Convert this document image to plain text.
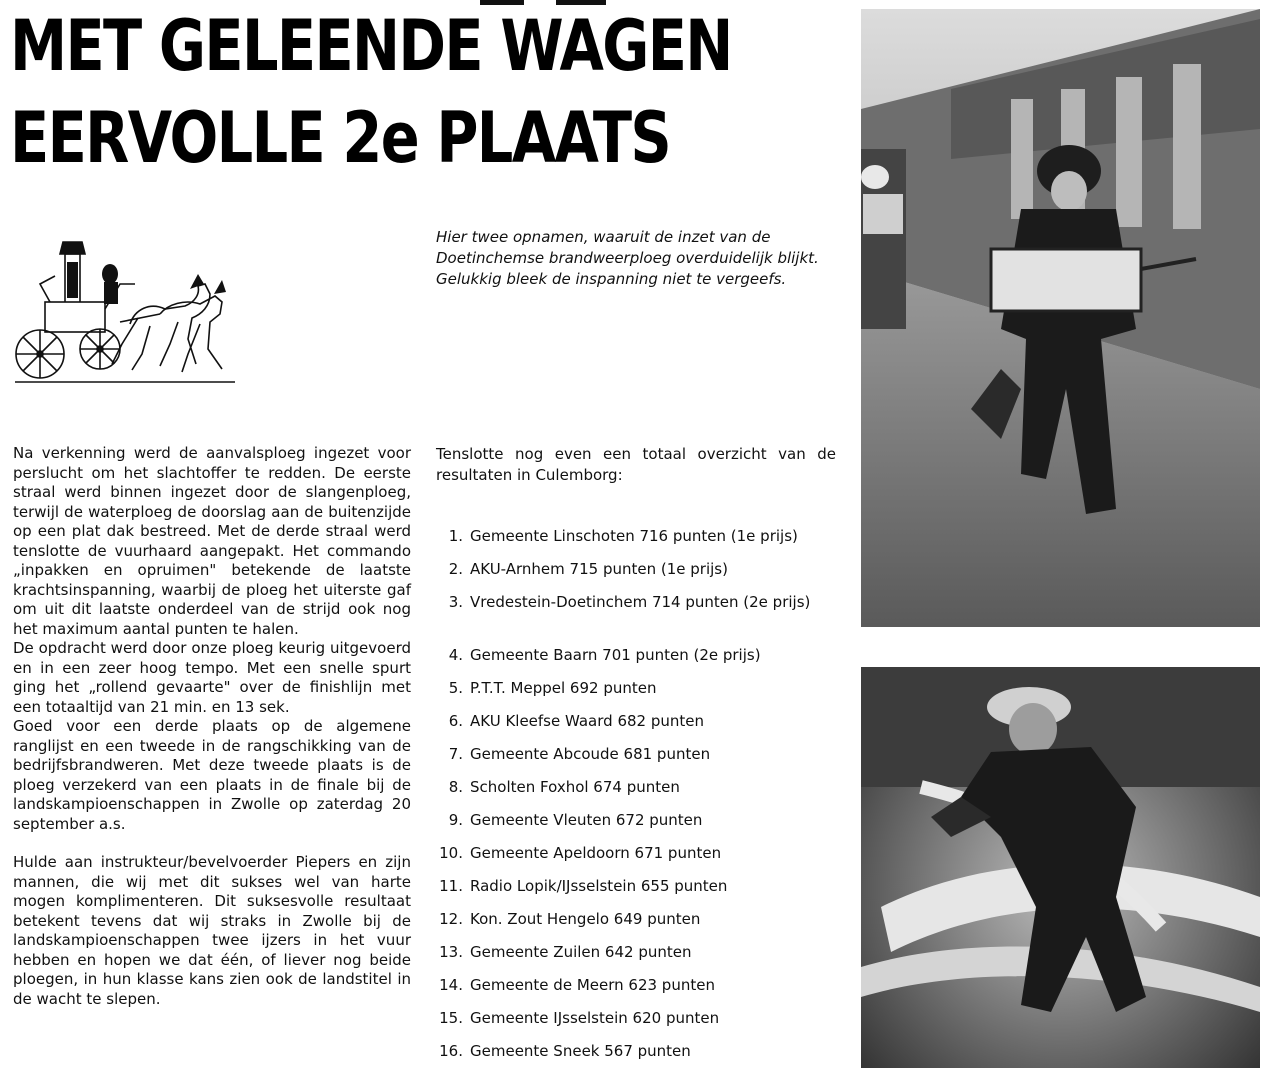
MET GELEENDE WAGEN
EERVOLLE 2e PLAATS

Hier twee opnamen, waaruit de inzet van de Doetinchemse brandweerploeg overduidelijk blijkt. Gelukkig bleek de inspanning niet te vergeefs.

Na verkenning werd de aanvalsploeg ingezet voor perslucht om het slachtoffer te redden. De eerste straal werd binnen ingezet door de slangenploeg, terwijl de waterploeg de doorslag aan de buitenzijde op een plat dak bestreed. Met de derde straal werd tenslotte de vuurhaard aangepakt. Het commando „inpakken en opruimen" betekende de laatste krachtsinspanning, waarbij de ploeg het uiterste gaf om uit dit laatste onderdeel van de strijd ook nog het maximum aantal punten te halen.

De opdracht werd door onze ploeg keurig uitgevoerd en in een zeer hoog tempo. Met een snelle spurt ging het „rollend gevaarte" over de finishlijn met een totaaltijd van 21 min. en 13 sek.

Goed voor een derde plaats op de algemene ranglijst en een tweede in de rangschikking van de bedrijfsbrandweren. Met deze tweede plaats is de ploeg verzekerd van een plaats in de finale bij de landskampioenschappen in Zwolle op zaterdag 20 september a.s.

Hulde aan instrukteur/bevelvoerder Piepers en zijn mannen, die wij met dit sukses wel van harte mogen komplimenteren. Dit suksesvolle resultaat betekent tevens dat wij straks in Zwolle bij de landskampioenschappen twee ijzers in het vuur hebben en hopen we dat één, of liever nog beide ploegen, in hun klasse kans zien ook de landstitel in de wacht te slepen.

Tenslotte nog even een totaal overzicht van de resultaten in Culemborg:

1. Gemeente Linschoten 716 punten (1e prijs)
2. AKU-Arnhem 715 punten (1e prijs)
3. Vredestein-Doetinchem 714 punten (2e prijs)
4. Gemeente Baarn 701 punten (2e prijs)
5. P.T.T. Meppel 692 punten
6. AKU Kleefse Waard 682 punten
7. Gemeente Abcoude 681 punten
8. Scholten Foxhol 674 punten
9. Gemeente Vleuten 672 punten
10. Gemeente Apeldoorn 671 punten
11. Radio Lopik/IJsselstein 655 punten
12. Kon. Zout Hengelo 649 punten
13. Gemeente Zuilen 642 punten
14. Gemeente de Meern 623 punten
15. Gemeente IJsselstein 620 punten
16. Gemeente Sneek 567 punten
